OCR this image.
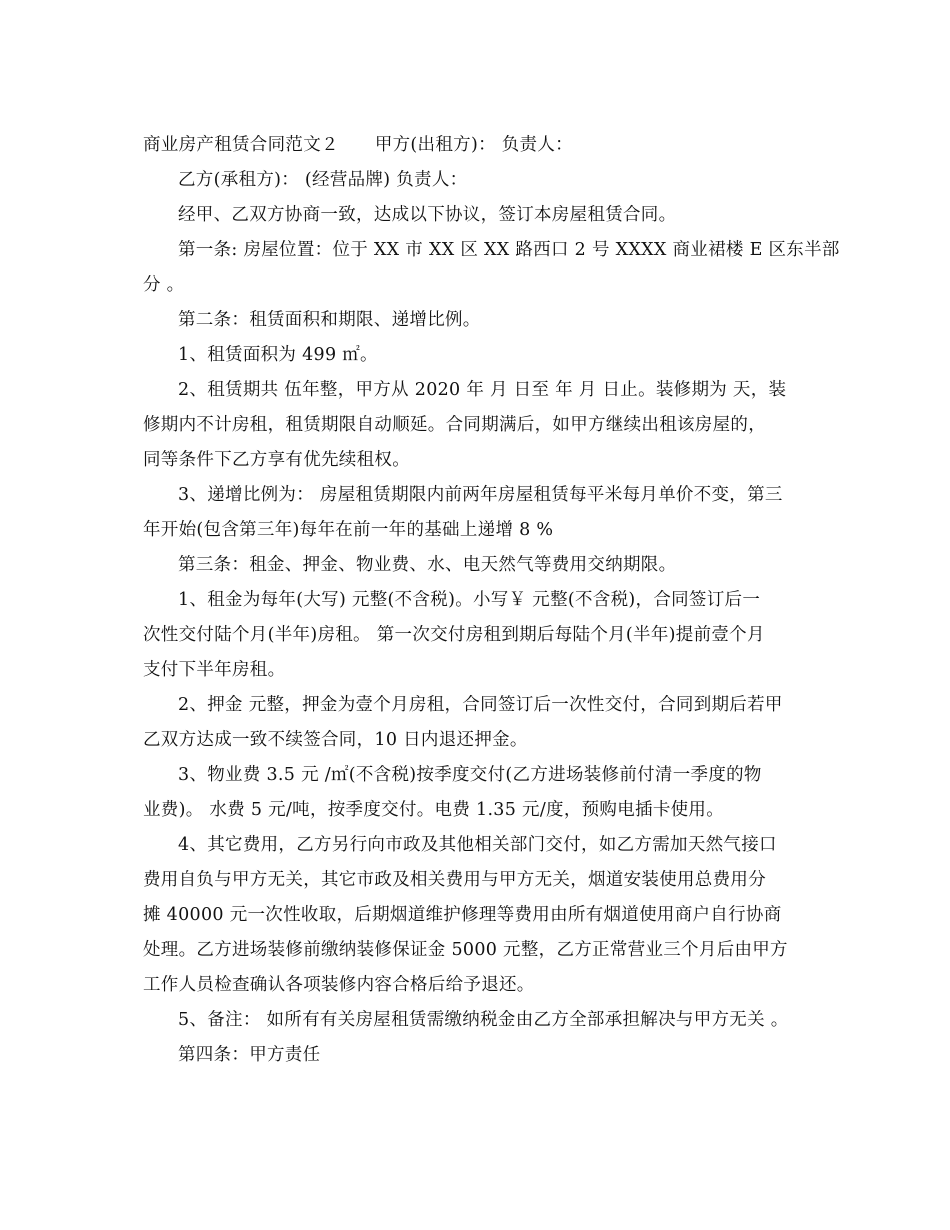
商业房产租赁合同范文２ 甲方(出租方)： 负责人：
乙方(承租方)： (经营品牌) 负责人：
经甲、乙双方协商一致，达成以下协议，签订本房屋租赁合同。
第一条: 房屋位置：位于 XX 市 XX 区 XX 路西口 2 号 XXXX 商业裙楼 E 区东半部
分 。
第二条：租赁面积和期限、递增比例。
1、租赁面积为 499 ㎡。
2、租赁期共 伍年整，甲方从 2020 年 月 日至 年 月 日止。装修期为 天，装
修期内不计房租，租赁期限自动顺延。合同期满后，如甲方继续出租该房屋的，
同等条件下乙方享有优先续租权。
3、递增比例为： 房屋租赁期限内前两年房屋租赁每平米每月单价不变，第三
年开始(包含第三年)每年在前一年的基础上递增 8 %
第三条：租金、押金、物业费、水、电天然气等费用交纳期限。
1、租金为每年(大写) 元整(不含税)。小写￥ 元整(不含税)，合同签订后一
次性交付陆个月(半年)房租。 第一次交付房租到期后每陆个月(半年)提前壹个月
支付下半年房租。
2、押金 元整，押金为壹个月房租，合同签订后一次性交付，合同到期后若甲
乙双方达成一致不续签合同，10 日内退还押金。
3、物业费 3.5 元 /㎡(不含税)按季度交付(乙方进场装修前付清一季度的物
业费)。 水费 5 元/吨，按季度交付。电费 1.35 元/度，预购电插卡使用。
4、其它费用，乙方另行向市政及其他相关部门交付，如乙方需加天然气接口
费用自负与甲方无关，其它市政及相关费用与甲方无关，烟道安装使用总费用分
摊 40000 元一次性收取，后期烟道维护修理等费用由所有烟道使用商户自行协商
处理。乙方进场装修前缴纳装修保证金 5000 元整，乙方正常营业三个月后由甲方
工作人员检查确认各项装修内容合格后给予退还。
5、备注： 如所有有关房屋租赁需缴纳税金由乙方全部承担解决与甲方无关 。
第四条：甲方责任
